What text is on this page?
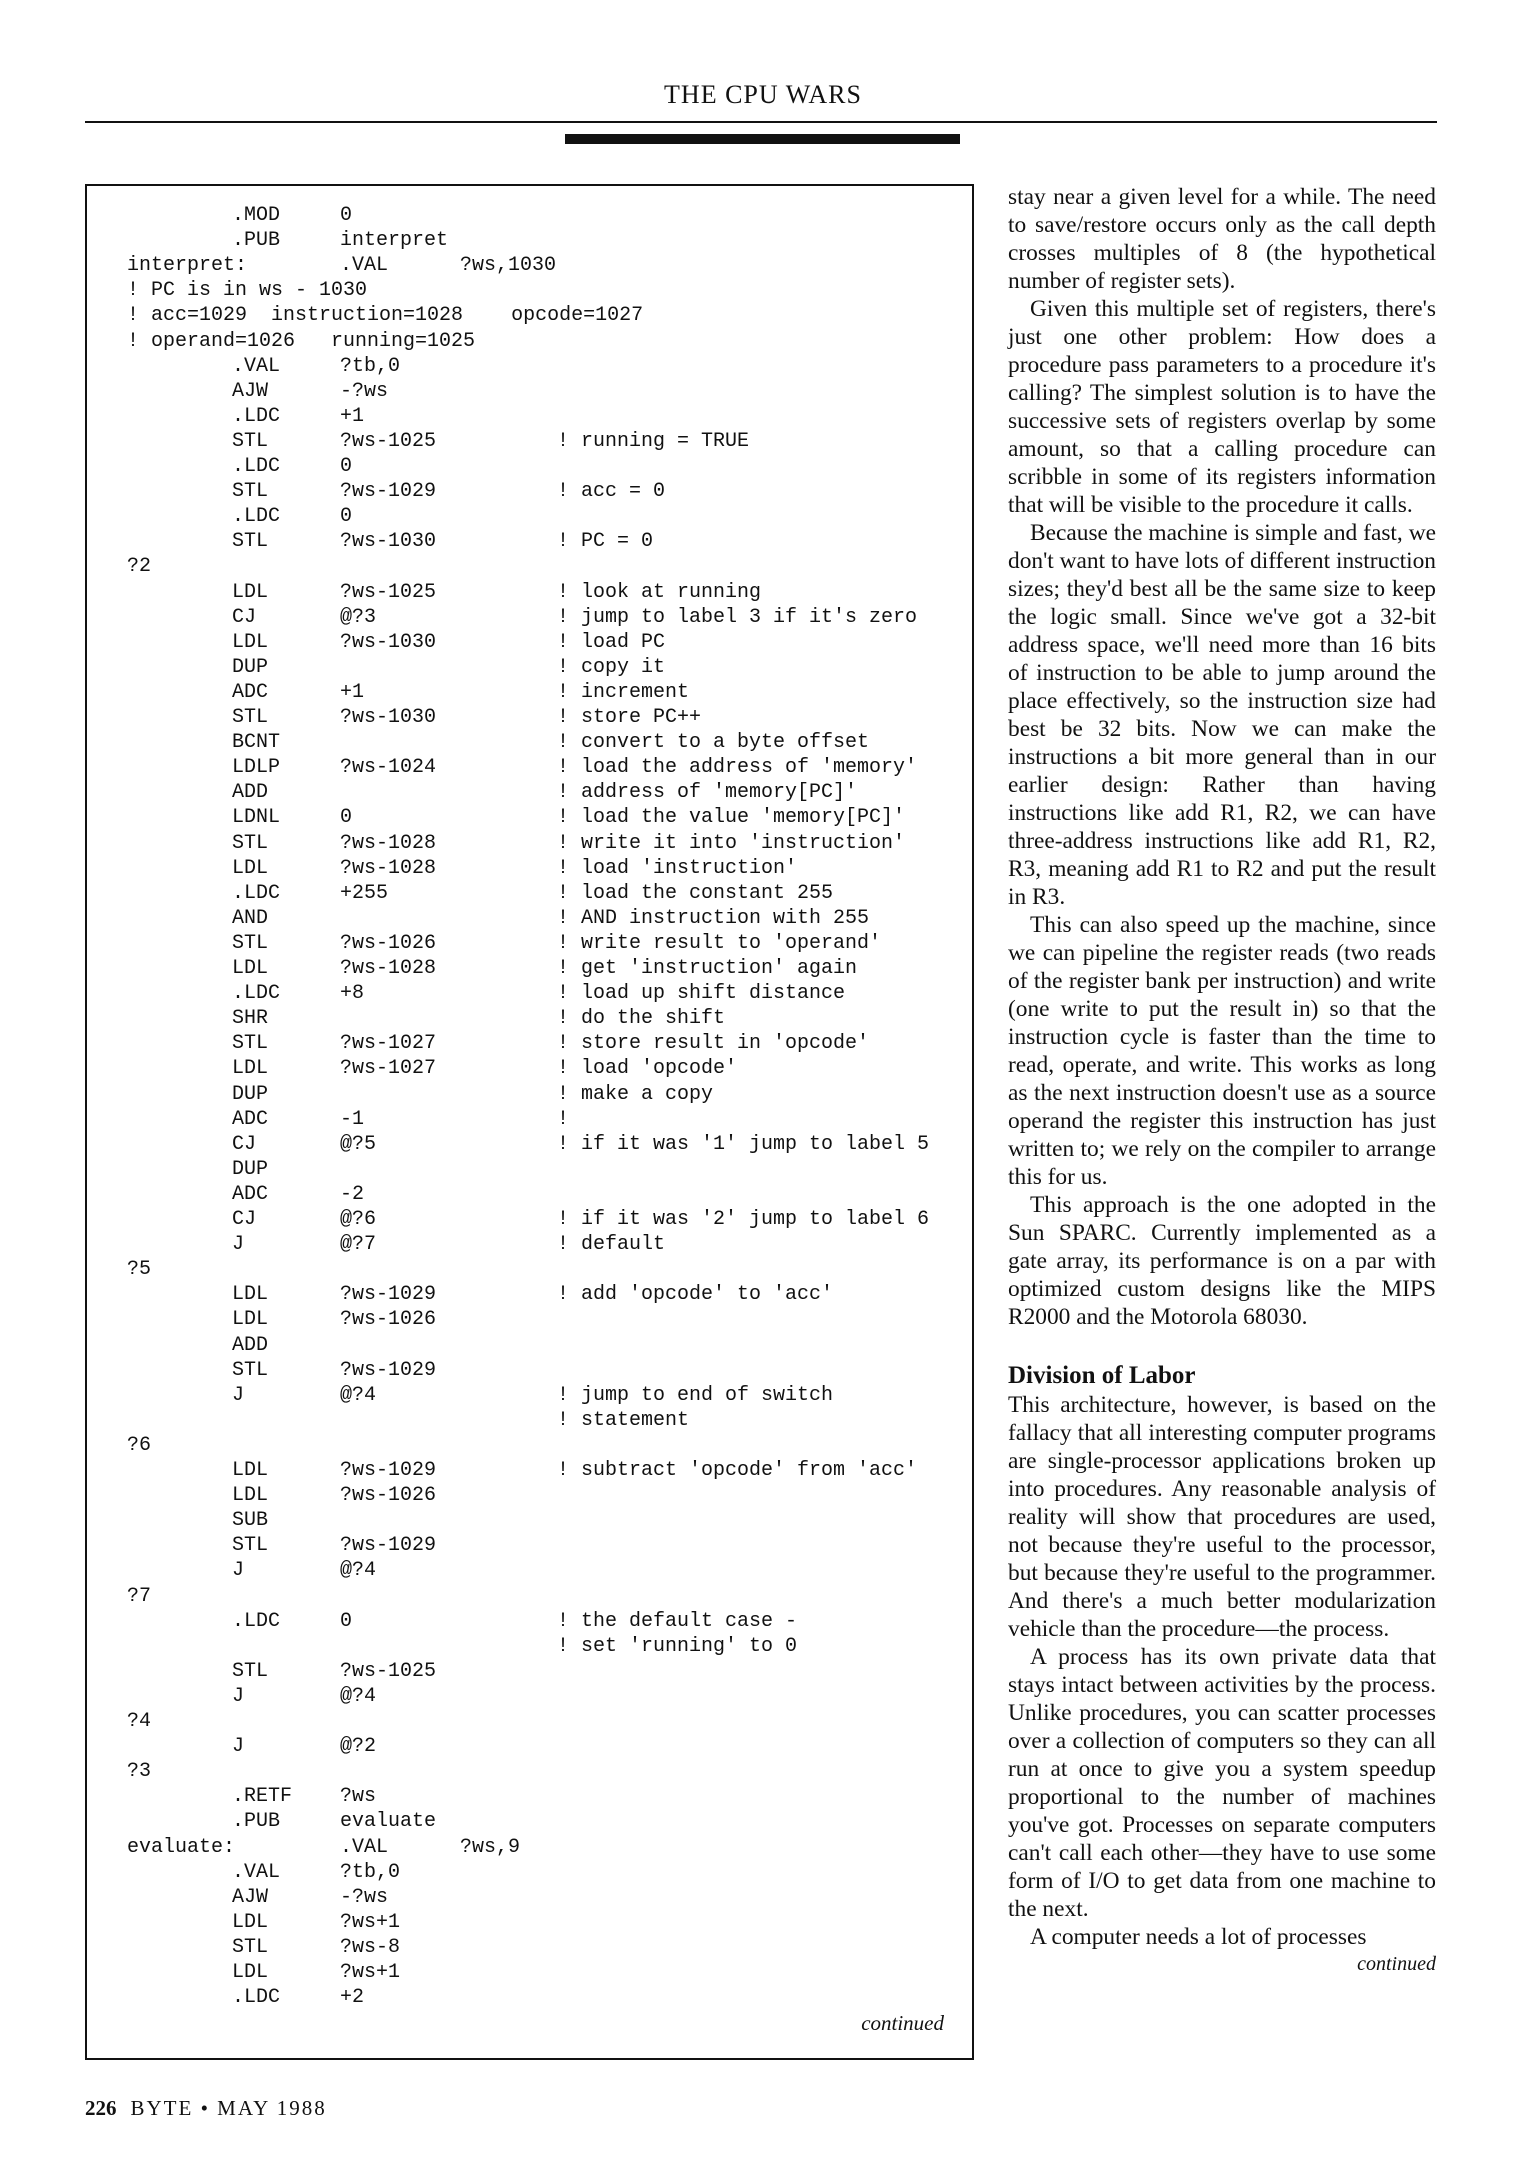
THE CPU WARS
.MOD	0
.PUB	interpret
interpret:	.VAL      ?ws,1030
! PC is in ws - 1030
! acc=1029  instruction=1028    opcode=1027
! operand=1026   running=1025
.VAL	?tb,0
AJW	-?ws
.LDC	+1
STL	?ws-1025	! running = TRUE
.LDC	0
STL	?ws-1029	! acc = 0
.LDC	0
STL	?ws-1030	! PC = 0
?2
LDL	?ws-1025	! look at running
CJ	@?3	! jump to label 3 if it's zero
LDL	?ws-1030	! load PC
DUP	! copy it
ADC	+1	! increment
STL	?ws-1030	! store PC++
BCNT	! convert to a byte offset
LDLP	?ws-1024	! load the address of 'memory'
ADD	! address of 'memory[PC]'
LDNL	0	! load the value 'memory[PC]'
STL	?ws-1028	! write it into 'instruction'
LDL	?ws-1028	! load 'instruction'
.LDC	+255	! load the constant 255
AND	! AND instruction with 255
STL	?ws-1026	! write result to 'operand'
LDL	?ws-1028	! get 'instruction' again
.LDC	+8	! load up shift distance
SHR	! do the shift
STL	?ws-1027	! store result in 'opcode'
LDL	?ws-1027	! load 'opcode'
DUP	! make a copy
ADC	-1	!
CJ	@?5	! if it was '1' jump to label 5
DUP
ADC	-2
CJ	@?6	! if it was '2' jump to label 6
J	@?7	! default
?5
LDL	?ws-1029	! add 'opcode' to 'acc'
LDL	?ws-1026
ADD
STL	?ws-1029
J	@?4	! jump to end of switch
! statement
?6
LDL	?ws-1029	! subtract 'opcode' from 'acc'
LDL	?ws-1026
SUB
STL	?ws-1029
J	@?4
?7
.LDC	0	! the default case -
! set 'running' to 0
STL	?ws-1025
J	@?4
?4
J	@?2
?3
.RETF ?ws
.PUB	evaluate
evaluate:	.VAL      ?ws,9
.VAL	?tb,0
AJW	-?ws
LDL	?ws+1
STL	?ws-8
LDL	?ws+1
.LDC	+2
continued

stay near a given level for a while. The need to save/restore occurs only as the call depth crosses multiples of 8 (the hypothetical number of register sets).

Given this multiple set of registers, there's just one other problem: How does a procedure pass parameters to a procedure it's calling? The simplest solution is to have the successive sets of registers overlap by some amount, so that a calling procedure can scribble in some of its registers information that will be visible to the procedure it calls.

Because the machine is simple and fast, we don't want to have lots of different instruction sizes; they'd best all be the same size to keep the logic small. Since we've got a 32-bit address space, we'll need more than 16 bits of instruction to be able to jump around the place effectively, so the instruction size had best be 32 bits. Now we can make the instructions a bit more general than in our earlier design: Rather than having instructions like add R1, R2, we can have three-address instructions like add R1, R2, R3, meaning add R1 to R2 and put the result in R3.

This can also speed up the machine, since we can pipeline the register reads (two reads of the register bank per instruction) and write (one write to put the result in) so that the instruction cycle is faster than the time to read, operate, and write. This works as long as the next instruction doesn't use as a source operand the register this instruction has just written to; we rely on the compiler to arrange this for us.

This approach is the one adopted in the Sun SPARC. Currently implemented as a gate array, its performance is on a par with optimized custom designs like the MIPS R2000 and the Motorola 68030.

Division of Labor

This architecture, however, is based on the fallacy that all interesting computer programs are single-processor applications broken up into procedures. Any reasonable analysis of reality will show that procedures are used, not because they're useful to the processor, but because they're useful to the programmer. And there's a much better modularization vehicle than the procedure—the process.

A process has its own private data that stays intact between activities by the process. Unlike procedures, you can scatter processes over a collection of computers so they can all run at once to give you a system speedup proportional to the number of machines you've got. Processes on separate computers can't call each other—they have to use some form of I/O to get data from one machine to the next.

A computer needs a lot of processes

continued
226 BYTE • MAY 1988
